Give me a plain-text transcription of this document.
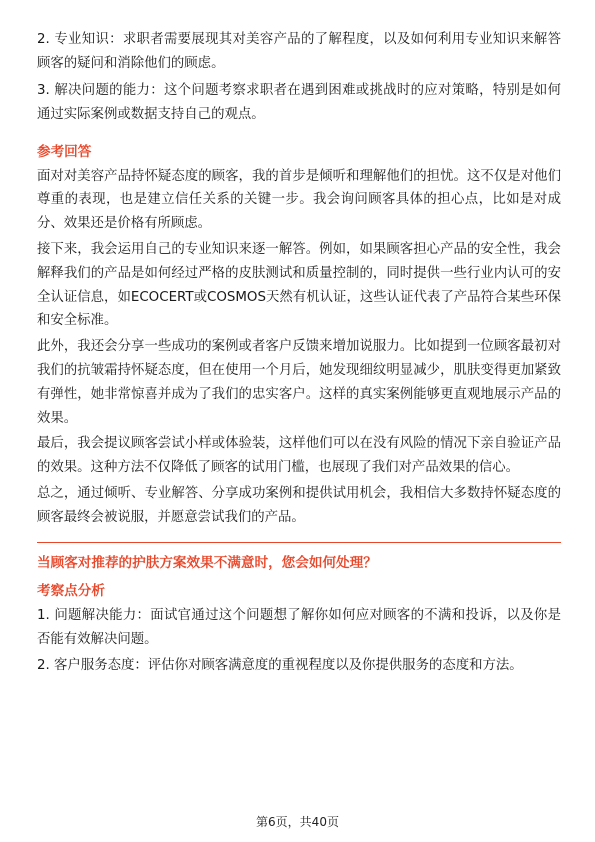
2. 专业知识：求职者需要展现其对美容产品的了解程度，以及如何利用专业知识来解答顾客的疑问和消除他们的顾虑。

3. 解决问题的能力：这个问题考察求职者在遇到困难或挑战时的应对策略，特别是如何通过实际案例或数据支持自己的观点。

参考回答

面对对美容产品持怀疑态度的顾客，我的首步是倾听和理解他们的担忧。这不仅是对他们尊重的表现，也是建立信任关系的关键一步。我会询问顾客具体的担心点，比如是对成分、效果还是价格有所顾虑。

接下来，我会运用自己的专业知识来逐一解答。例如，如果顾客担心产品的安全性，我会解释我们的产品是如何经过严格的皮肤测试和质量控制的，同时提供一些行业内认可的安全认证信息，如ECOCERT或COSMOS天然有机认证，这些认证代表了产品符合某些环保和安全标准。

此外，我还会分享一些成功的案例或者客户反馈来增加说服力。比如提到一位顾客最初对我们的抗皱霜持怀疑态度，但在使用一个月后，她发现细纹明显减少，肌肤变得更加紧致有弹性，她非常惊喜并成为了我们的忠实客户。这样的真实案例能够更直观地展示产品的效果。

最后，我会提议顾客尝试小样或体验装，这样他们可以在没有风险的情况下亲自验证产品的效果。这种方法不仅降低了顾客的试用门槛，也展现了我们对产品效果的信心。

总之，通过倾听、专业解答、分享成功案例和提供试用机会，我相信大多数持怀疑态度的顾客最终会被说服，并愿意尝试我们的产品。

当顾客对推荐的护肤方案效果不满意时，您会如何处理？

考察点分析

1. 问题解决能力：面试官通过这个问题想了解你如何应对顾客的不满和投诉，以及你是否能有效解决问题。

2. 客户服务态度：评估你对顾客满意度的重视程度以及你提供服务的态度和方法。

第6页，共40页
